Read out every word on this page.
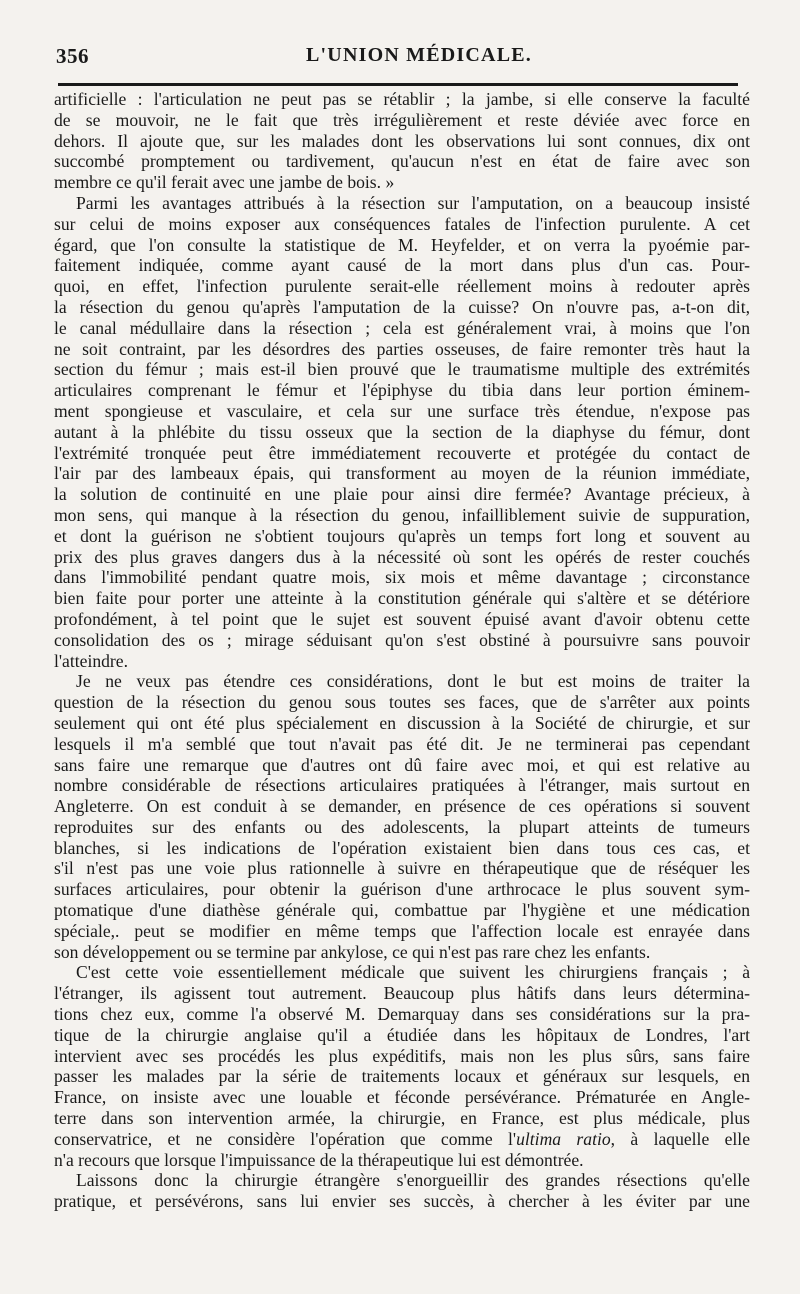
356	L'UNION MÉDICALE.
artificielle : l'articulation ne peut pas se rétablir ; la jambe, si elle conserve la faculté
de se mouvoir, ne le fait que très irrégulièrement et reste déviée avec force en
dehors. Il ajoute que, sur les malades dont les observations lui sont connues, dix ont
succombé promptement ou tardivement, qu'aucun n'est en état de faire avec son
membre ce qu'il ferait avec une jambe de bois. »
Parmi les avantages attribués à la résection sur l'amputation, on a beaucoup insisté
sur celui de moins exposer aux conséquences fatales de l'infection purulente. A cet
égard, que l'on consulte la statistique de M. Heyfelder, et on verra la pyoémie par-
faitement indiquée, comme ayant causé de la mort dans plus d'un cas. Pour-
quoi, en effet, l'infection purulente serait-elle réellement moins à redouter après
la résection du genou qu'après l'amputation de la cuisse? On n'ouvre pas, a-t-on dit,
le canal médullaire dans la résection ; cela est généralement vrai, à moins que l'on
ne soit contraint, par les désordres des parties osseuses, de faire remonter très haut la
section du fémur ; mais est-il bien prouvé que le traumatisme multiple des extrémités
articulaires comprenant le fémur et l'épiphyse du tibia dans leur portion éminem-
ment spongieuse et vasculaire, et cela sur une surface très étendue, n'expose pas
autant à la phlébite du tissu osseux que la section de la diaphyse du fémur, dont
l'extrémité tronquée peut être immédiatement recouverte et protégée du contact de
l'air par des lambeaux épais, qui transforment au moyen de la réunion immédiate,
la solution de continuité en une plaie pour ainsi dire fermée? Avantage précieux, à
mon sens, qui manque à la résection du genou, infailliblement suivie de suppuration,
et dont la guérison ne s'obtient toujours qu'après un temps fort long et souvent au
prix des plus graves dangers dus à la nécessité où sont les opérés de rester couchés
dans l'immobilité pendant quatre mois, six mois et même davantage ; circonstance
bien faite pour porter une atteinte à la constitution générale qui s'altère et se détériore
profondément, à tel point que le sujet est souvent épuisé avant d'avoir obtenu cette
consolidation des os ; mirage séduisant qu'on s'est obstiné à poursuivre sans pouvoir
l'atteindre.
Je ne veux pas étendre ces considérations, dont le but est moins de traiter la
question de la résection du genou sous toutes ses faces, que de s'arrêter aux points
seulement qui ont été plus spécialement en discussion à la Société de chirurgie, et sur
lesquels il m'a semblé que tout n'avait pas été dit. Je ne terminerai pas cependant
sans faire une remarque que d'autres ont dû faire avec moi, et qui est relative au
nombre considérable de résections articulaires pratiquées à l'étranger, mais surtout en
Angleterre. On est conduit à se demander, en présence de ces opérations si souvent
reproduites sur des enfants ou des adolescents, la plupart atteints de tumeurs
blanches, si les indications de l'opération existaient bien dans tous ces cas, et
s'il n'est pas une voie plus rationnelle à suivre en thérapeutique que de réséquer les
surfaces articulaires, pour obtenir la guérison d'une arthrocace le plus souvent sym-
ptomatique d'une diathèse générale qui, combattue par l'hygiène et une médication
spéciale,. peut se modifier en même temps que l'affection locale est enrayée dans
son développement ou se termine par ankylose, ce qui n'est pas rare chez les enfants.
C'est cette voie essentiellement médicale que suivent les chirurgiens français ; à
l'étranger, ils agissent tout autrement. Beaucoup plus hâtifs dans leurs détermina-
tions chez eux, comme l'a observé M. Demarquay dans ses considérations sur la pra-
tique de la chirurgie anglaise qu'il a étudiée dans les hôpitaux de Londres, l'art
intervient avec ses procédés les plus expéditifs, mais non les plus sûrs, sans faire
passer les malades par la série de traitements locaux et généraux sur lesquels, en
France, on insiste avec une louable et féconde persévérance. Prématurée en Angle-
terre dans son intervention armée, la chirurgie, en France, est plus médicale, plus
conservatrice, et ne considère l'opération que comme l'ultima ratio, à laquelle elle
n'a recours que lorsque l'impuissance de la thérapeutique lui est démontrée.
Laissons donc la chirurgie étrangère s'enorgueillir des grandes résections qu'elle
pratique, et persévérons, sans lui envier ses succès, à chercher à les éviter par une
